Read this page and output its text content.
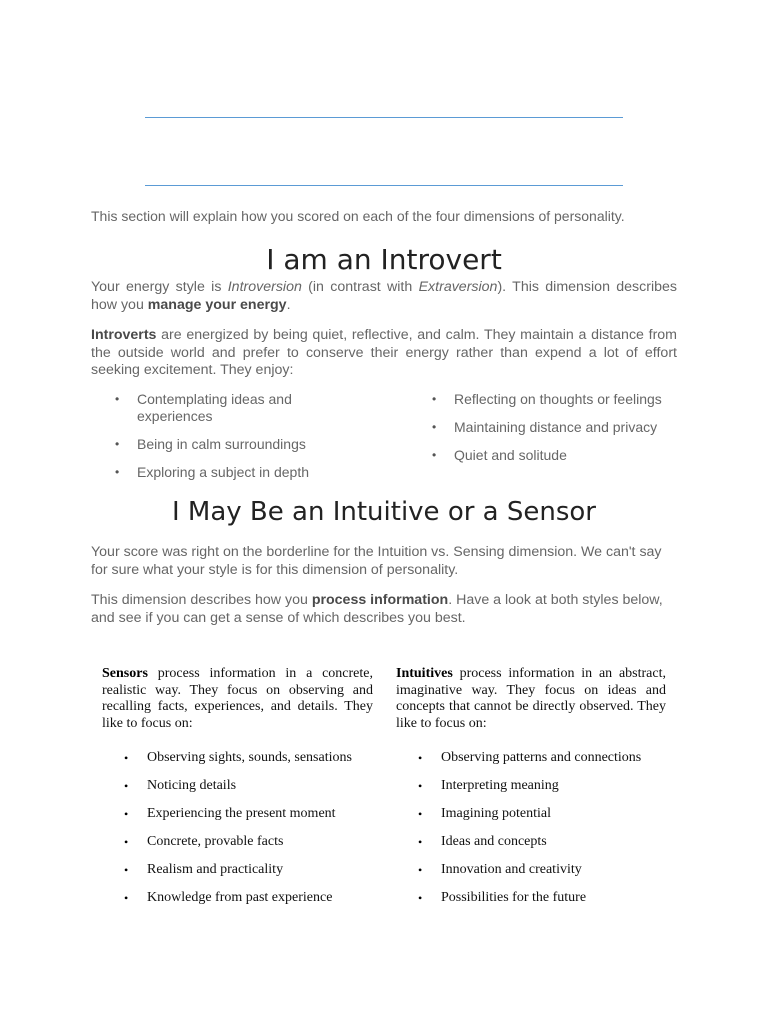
This section will explain how you scored on each of the four dimensions of personality.

I am an Introvert

Your energy style is Introversion (in contrast with Extraversion). This dimension describes how you manage your energy.

Introverts are energized by being quiet, reflective, and calm. They maintain a distance from the outside world and prefer to conserve their energy rather than expend a lot of effort seeking excitement. They enjoy:

• Contemplating ideas and experiences
• Being in calm surroundings
• Exploring a subject in depth
• Reflecting on thoughts or feelings
• Maintaining distance and privacy
• Quiet and solitude
I May Be an Intuitive or a Sensor

Your score was right on the borderline for the Intuition vs. Sensing dimension. We can't say for sure what your style is for this dimension of personality.

This dimension describes how you process information. Have a look at both styles below, and see if you can get a sense of which describes you best.

Sensors process information in a concrete, realistic way. They focus on observing and recalling facts, experiences, and details. They like to focus on:

• Observing sights, sounds, sensations
• Noticing details
• Experiencing the present moment
• Concrete, provable facts
• Realism and practicality
• Knowledge from past experience

Intuitives process information in an abstract, imaginative way. They focus on ideas and concepts that cannot be directly observed. They like to focus on:

• Observing patterns and connections
• Interpreting meaning
• Imagining potential
• Ideas and concepts
• Innovation and creativity
• Possibilities for the future
